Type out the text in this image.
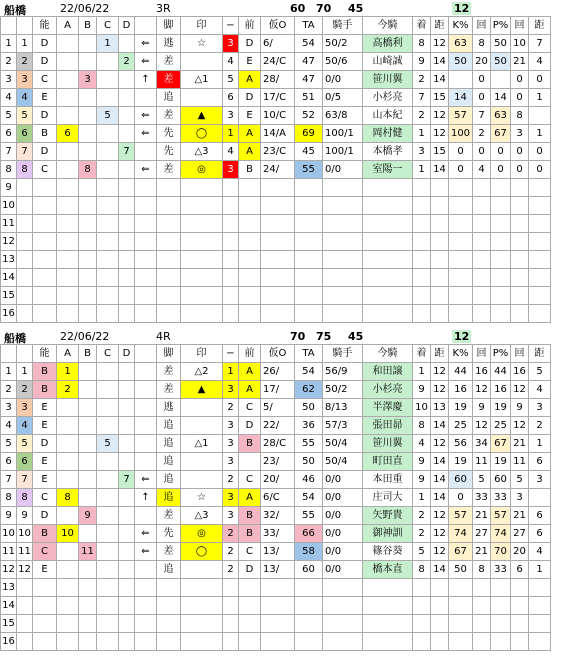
船橋	22/06/22	3R	60 70 45	12
		能	A	B	C	D		脚	印	−	前	仮O	TA	騎手	今騎	着	距	K%	回	P%	回	距
1	1	D			1		⇐	逃	☆	3	D	6/	54	50/2	高橋利	8	12	63	8	50	10	7
2	2	D				2	⇐	差		4	E	24/C	47	50/6	山崎誠	9	14	50	20	50	21	4
3	3	C		3			↑	差	△1	5	A	28/	47	0/0	笹川翼	2	14		0		0	0
4	4	E						追		6	D	17/C	51	0/5	小杉亮	7	15	14	0	14	0	1
5	5	D			5		⇐	差	▲	3	E	10/C	52	63/8	山本紀	2	12	57	7	63	8	
6	6	B	6				⇐	先	◯	1	A	14/A	69	100/1	岡村健	1	12	100	2	67	3	1
7	7	D				7		先	△3	4	A	23/C	45	100/1	本橋孝	3	15	0	0	0	0	0
8	8	C		8			⇐	差	◎	3	B	24/	55	0/0	室陽一	1	14	0	4	0	0	0
9																						
10																						
11																						
12																						
13																						
14																						
15																						
16																						
船橋	22/06/22	4R	70 75 45	12
		能	A	B	C	D		脚	印	−	前	仮O	TA	騎手	今騎	着	距	K%	回	P%	回	距
1	1	B	1					差	△2	1	A	26/	54	56/9	和田譲	1	12	44	16	44	16	5
2	2	B	2					差	▲	3	A	17/	62	50/2	小杉亮	9	12	16	12	16	12	4
3	3	E						逃		2	C	5/	50	8/13	半澤慶	10	13	19	9	19	9	3
4	4	E						追		3	D	22/	36	57/3	張田昴	8	14	25	12	25	12	2
5	5	D			5			追	△1	3	B	28/C	55	50/4	笹川翼	4	12	56	34	67	21	1
6	6	E						追		3		23/	50	50/4	町田直	9	14	19	11	19	11	6
7	7	E				7	⇐	追		2	C	20/	46	0/0	本田重	9	14	60	5	60	5	3
8	8	C	8				↑	追	☆	3	A	6/C	54	0/0	庄司大	1	14	0	33	33	3	
9	9	D		9				差	△3	3	B	32/	55	0/0	矢野貴	2	12	57	21	57	21	6
10	10	B	10				⇐	先	◎	2	B	33/	66	0/0	御神訓	2	12	74	27	74	27	6
11	11	C		11			⇐	差	◯	2	C	13/	58	0/0	篠谷葵	5	12	67	21	70	20	4
12	12	E						追		2	D	13/	60	0/0	橋本直	8	14	50	8	33	6	1
13																						
14																						
15																						
16																						
